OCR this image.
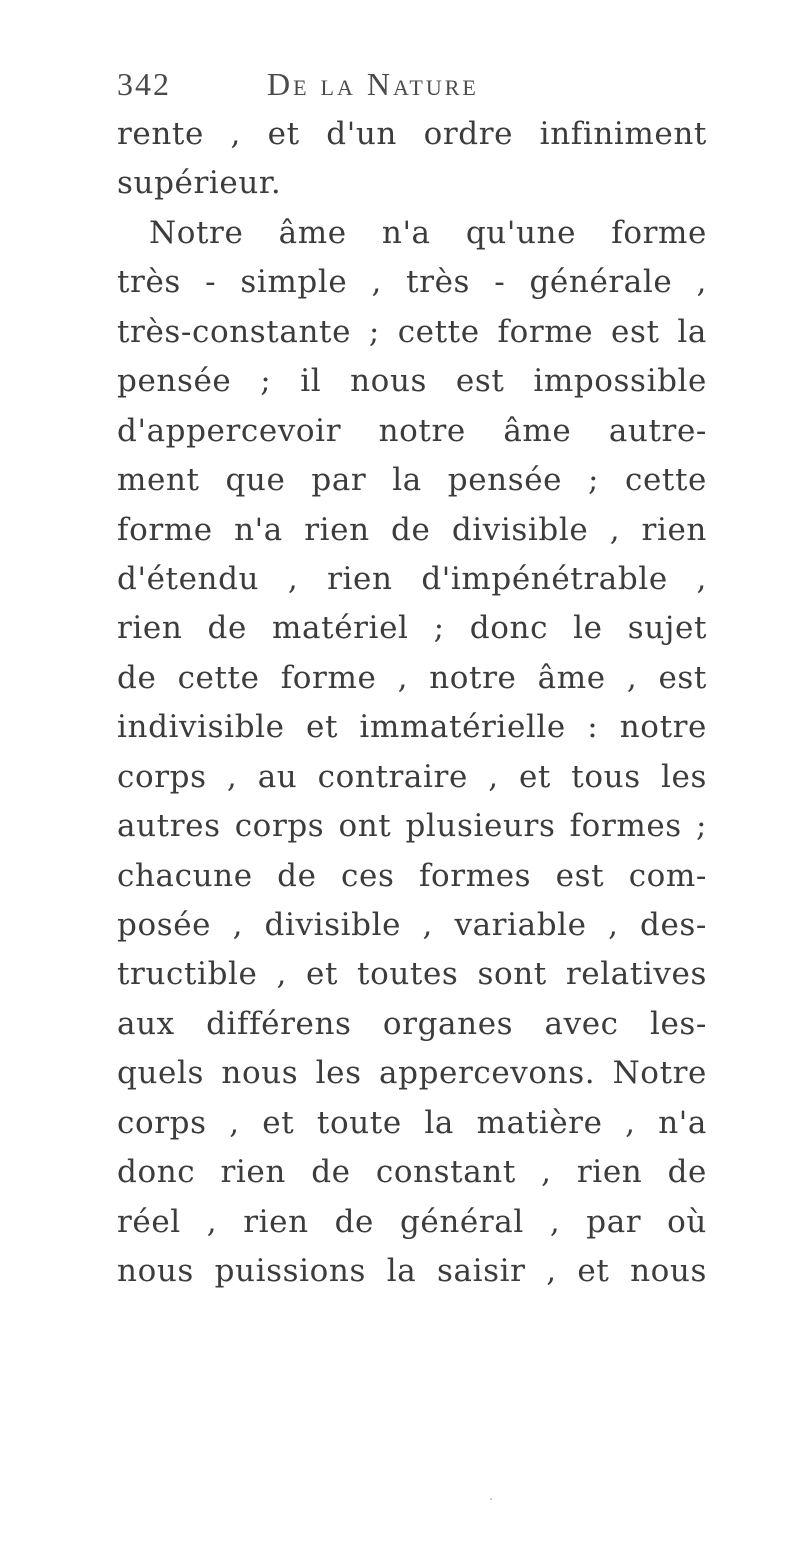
342	De la Nature
rente , et d'un ordre infiniment
supérieur.
Notre âme n'a qu'une forme
très - simple , très - générale ,
très-constante ; cette forme est la
pensée ; il nous est impossible
d'appercevoir notre âme autre-
ment que par la pensée ; cette
forme n'a rien de divisible , rien
d'étendu , rien d'impénétrable ,
rien de matériel ; donc le sujet
de cette forme , notre âme , est
indivisible et immatérielle : notre
corps , au contraire , et tous les
autres corps ont plusieurs formes ;
chacune de ces formes est com-
posée , divisible , variable , des-
tructible , et toutes sont relatives
aux différens organes avec les-
quels nous les appercevons. Notre
corps , et toute la matière , n'a
donc rien de constant , rien de
réel , rien de général , par où
nous puissions la saisir , et nous
